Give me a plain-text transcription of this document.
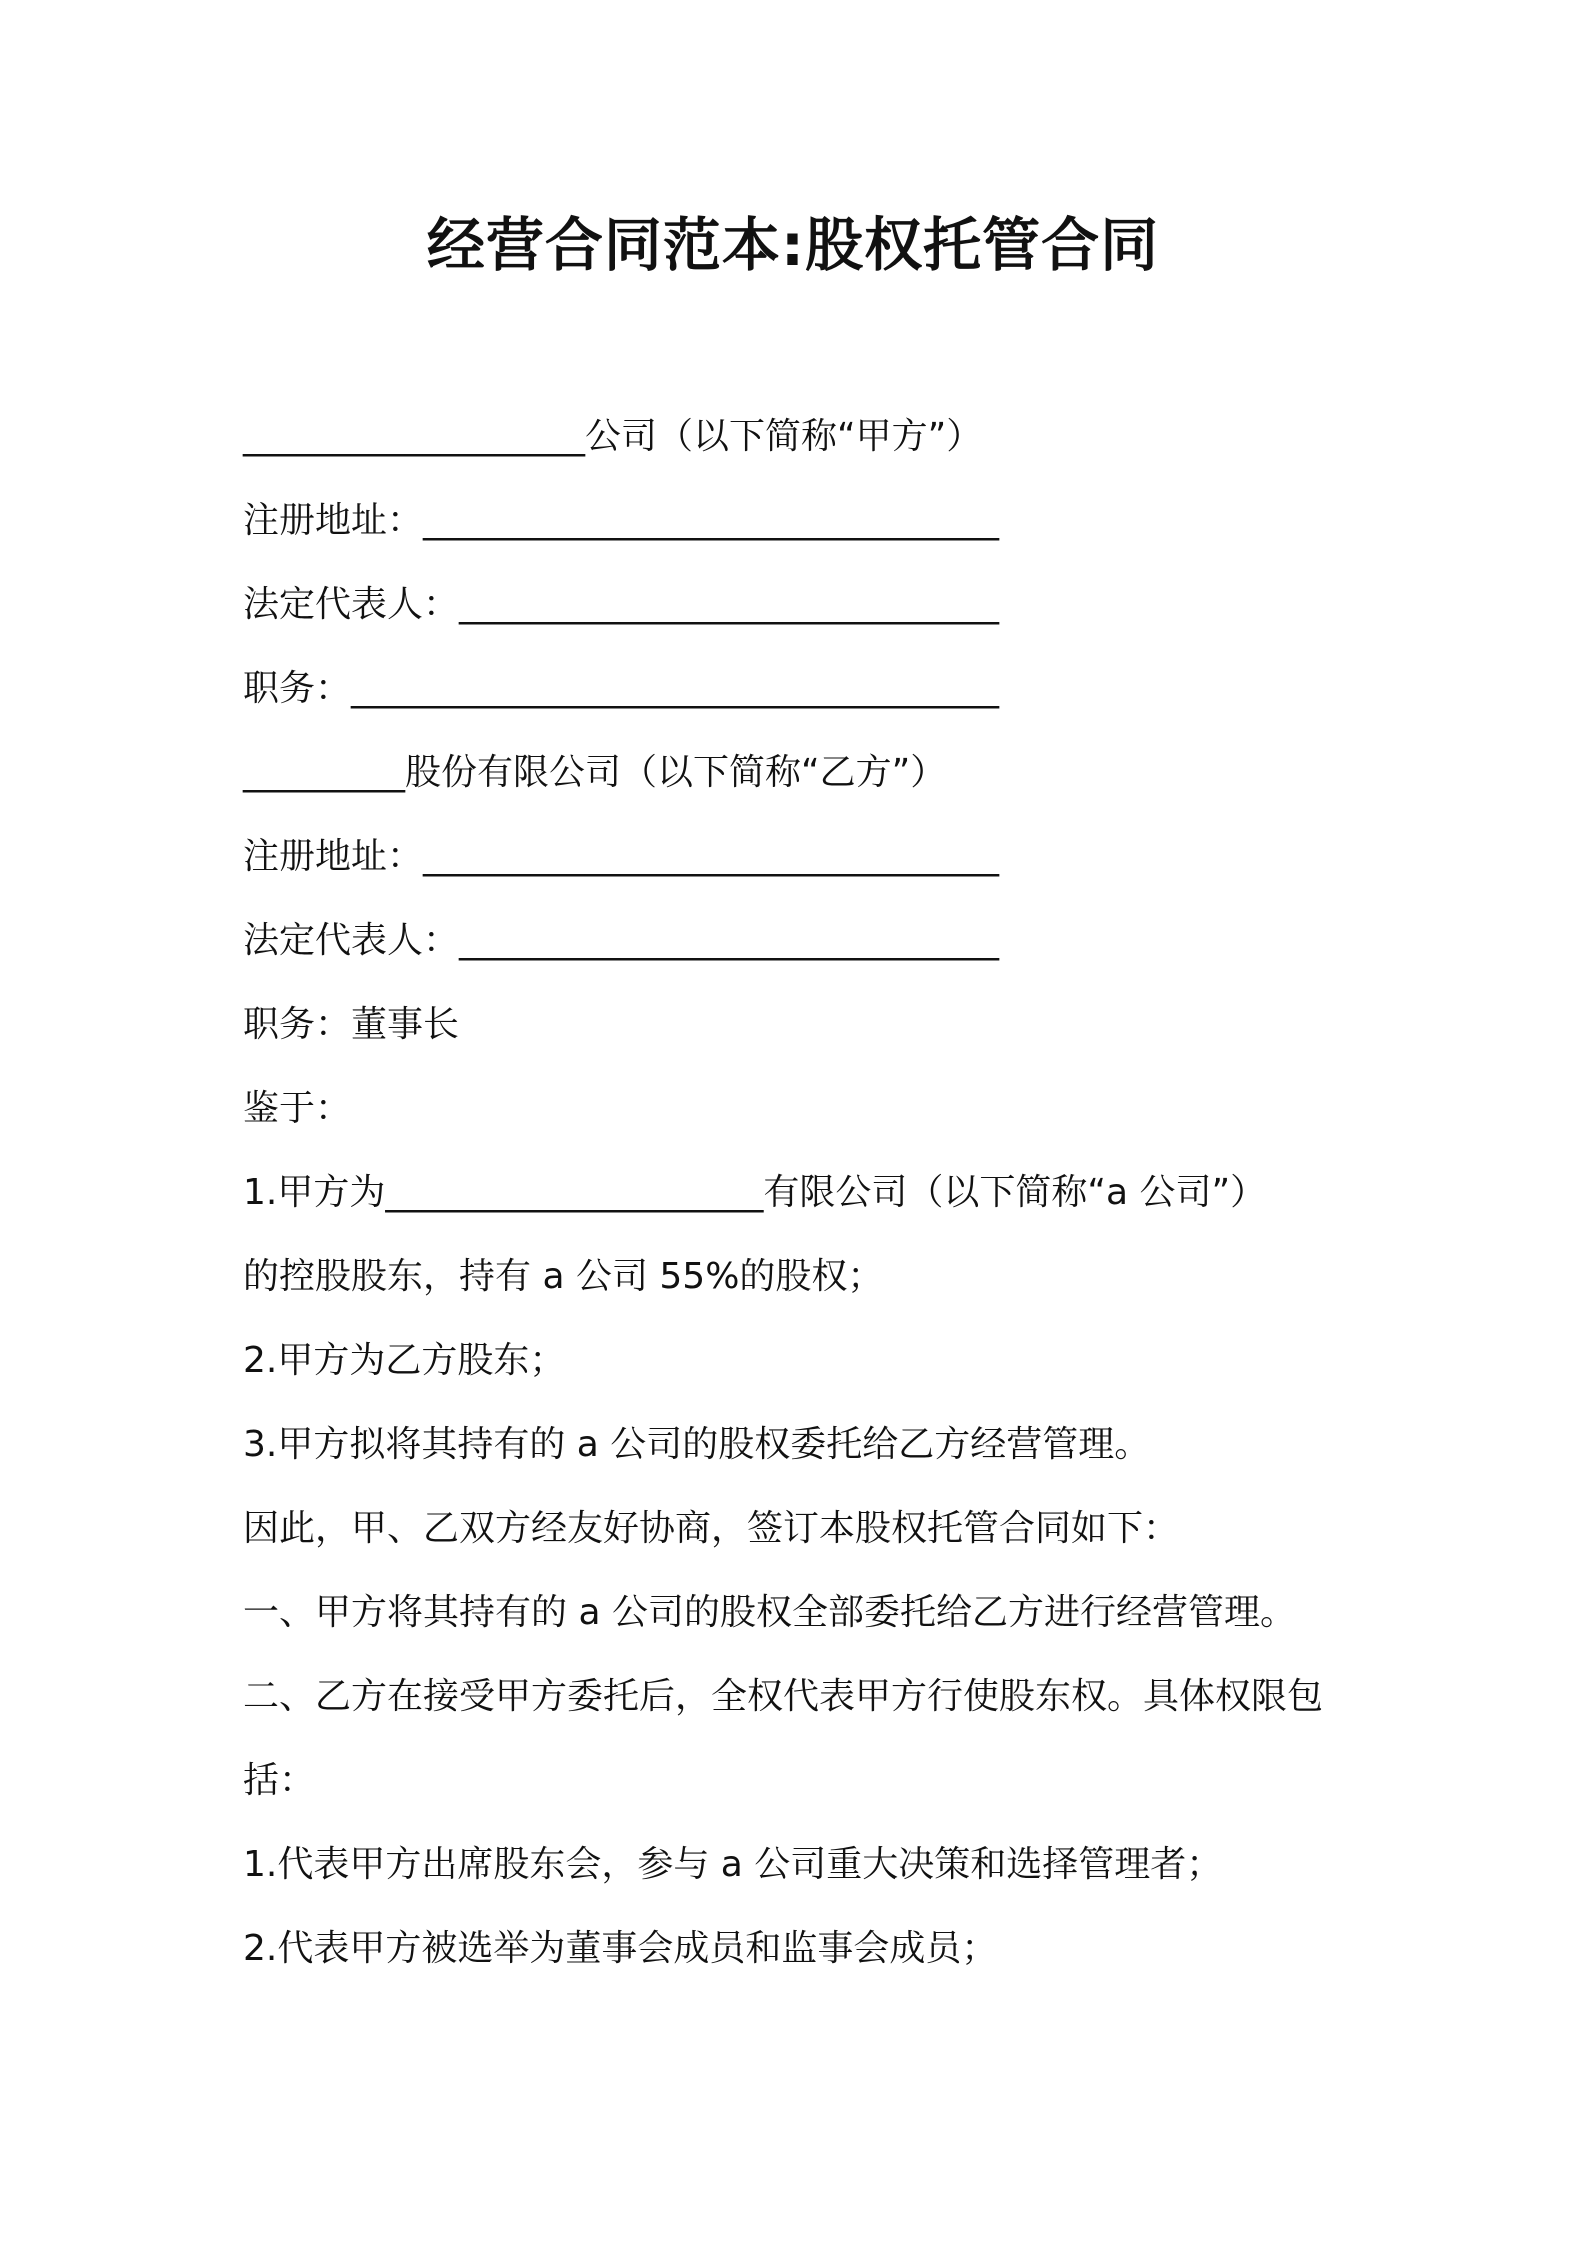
经营合同范本:股权托管合同
___________________公司（以下简称“甲方”）
注册地址：________________________________
法定代表人：______________________________
职务：____________________________________
_________股份有限公司（以下简称“乙方”）
注册地址：________________________________
法定代表人：______________________________
职务：董事长
鉴于：
1.甲方为_____________________有限公司（以下简称“a 公司”）
的控股股东，持有 a 公司 55%的股权；
2.甲方为乙方股东；
3.甲方拟将其持有的 a 公司的股权委托给乙方经营管理。
因此，甲、乙双方经友好协商，签订本股权托管合同如下：
一、甲方将其持有的 a 公司的股权全部委托给乙方进行经营管理。
二、乙方在接受甲方委托后，全权代表甲方行使股东权。具体权限包
括：
1.代表甲方出席股东会，参与 a 公司重大决策和选择管理者；
2.代表甲方被选举为董事会成员和监事会成员；
